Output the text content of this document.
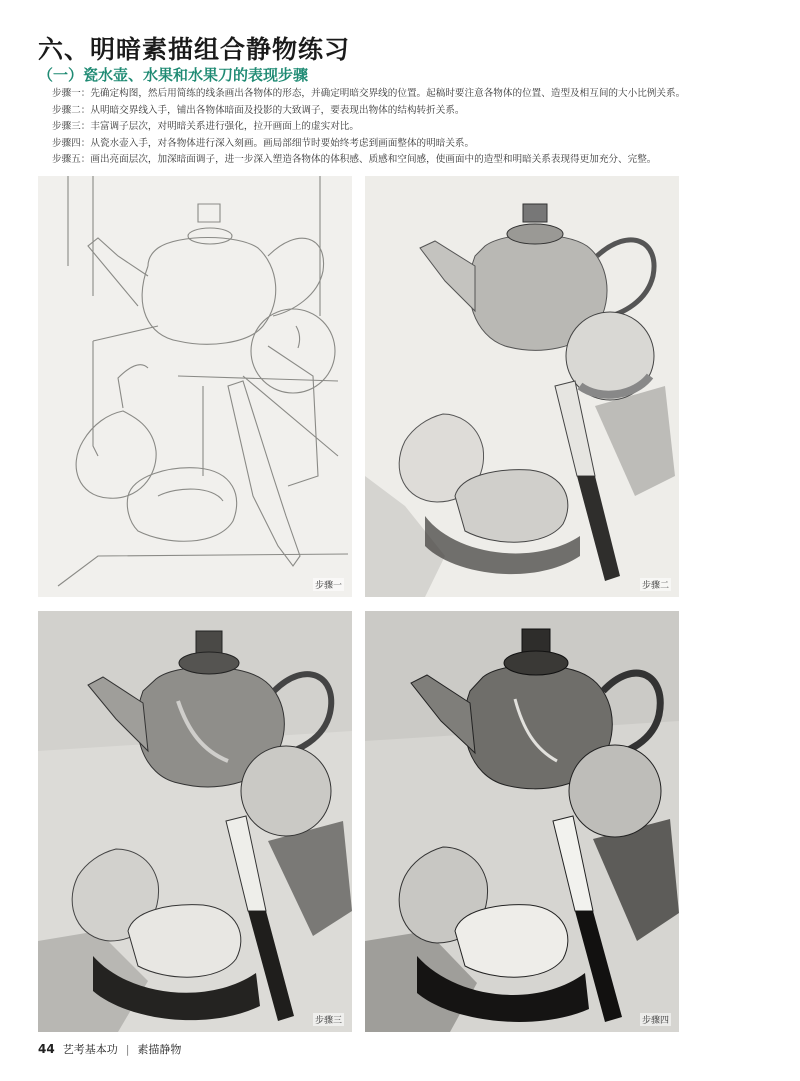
六、明暗素描组合静物练习
（一）瓷水壶、水果和水果刀的表现步骤
步骤一：先确定构图，然后用简练的线条画出各物体的形态，并确定明暗交界线的位置。起稿时要注意各物体的位置、造型及相互间的大小比例关系。
步骤二：从明暗交界线入手，铺出各物体暗面及投影的大致调子，要表现出物体的结构转折关系。
步骤三：丰富调子层次，对明暗关系进行强化，拉开画面上的虚实对比。
步骤四：从瓷水壶入手，对各物体进行深入刻画。画局部细节时要始终考虑到画面整体的明暗关系。
步骤五：画出亮面层次，加深暗面调子，进一步深入塑造各物体的体积感、质感和空间感，使画面中的造型和明暗关系表现得更加充分、完整。
步骤一	步骤二
步骤三	步骤四
44 艺考基本功 | 素描静物
